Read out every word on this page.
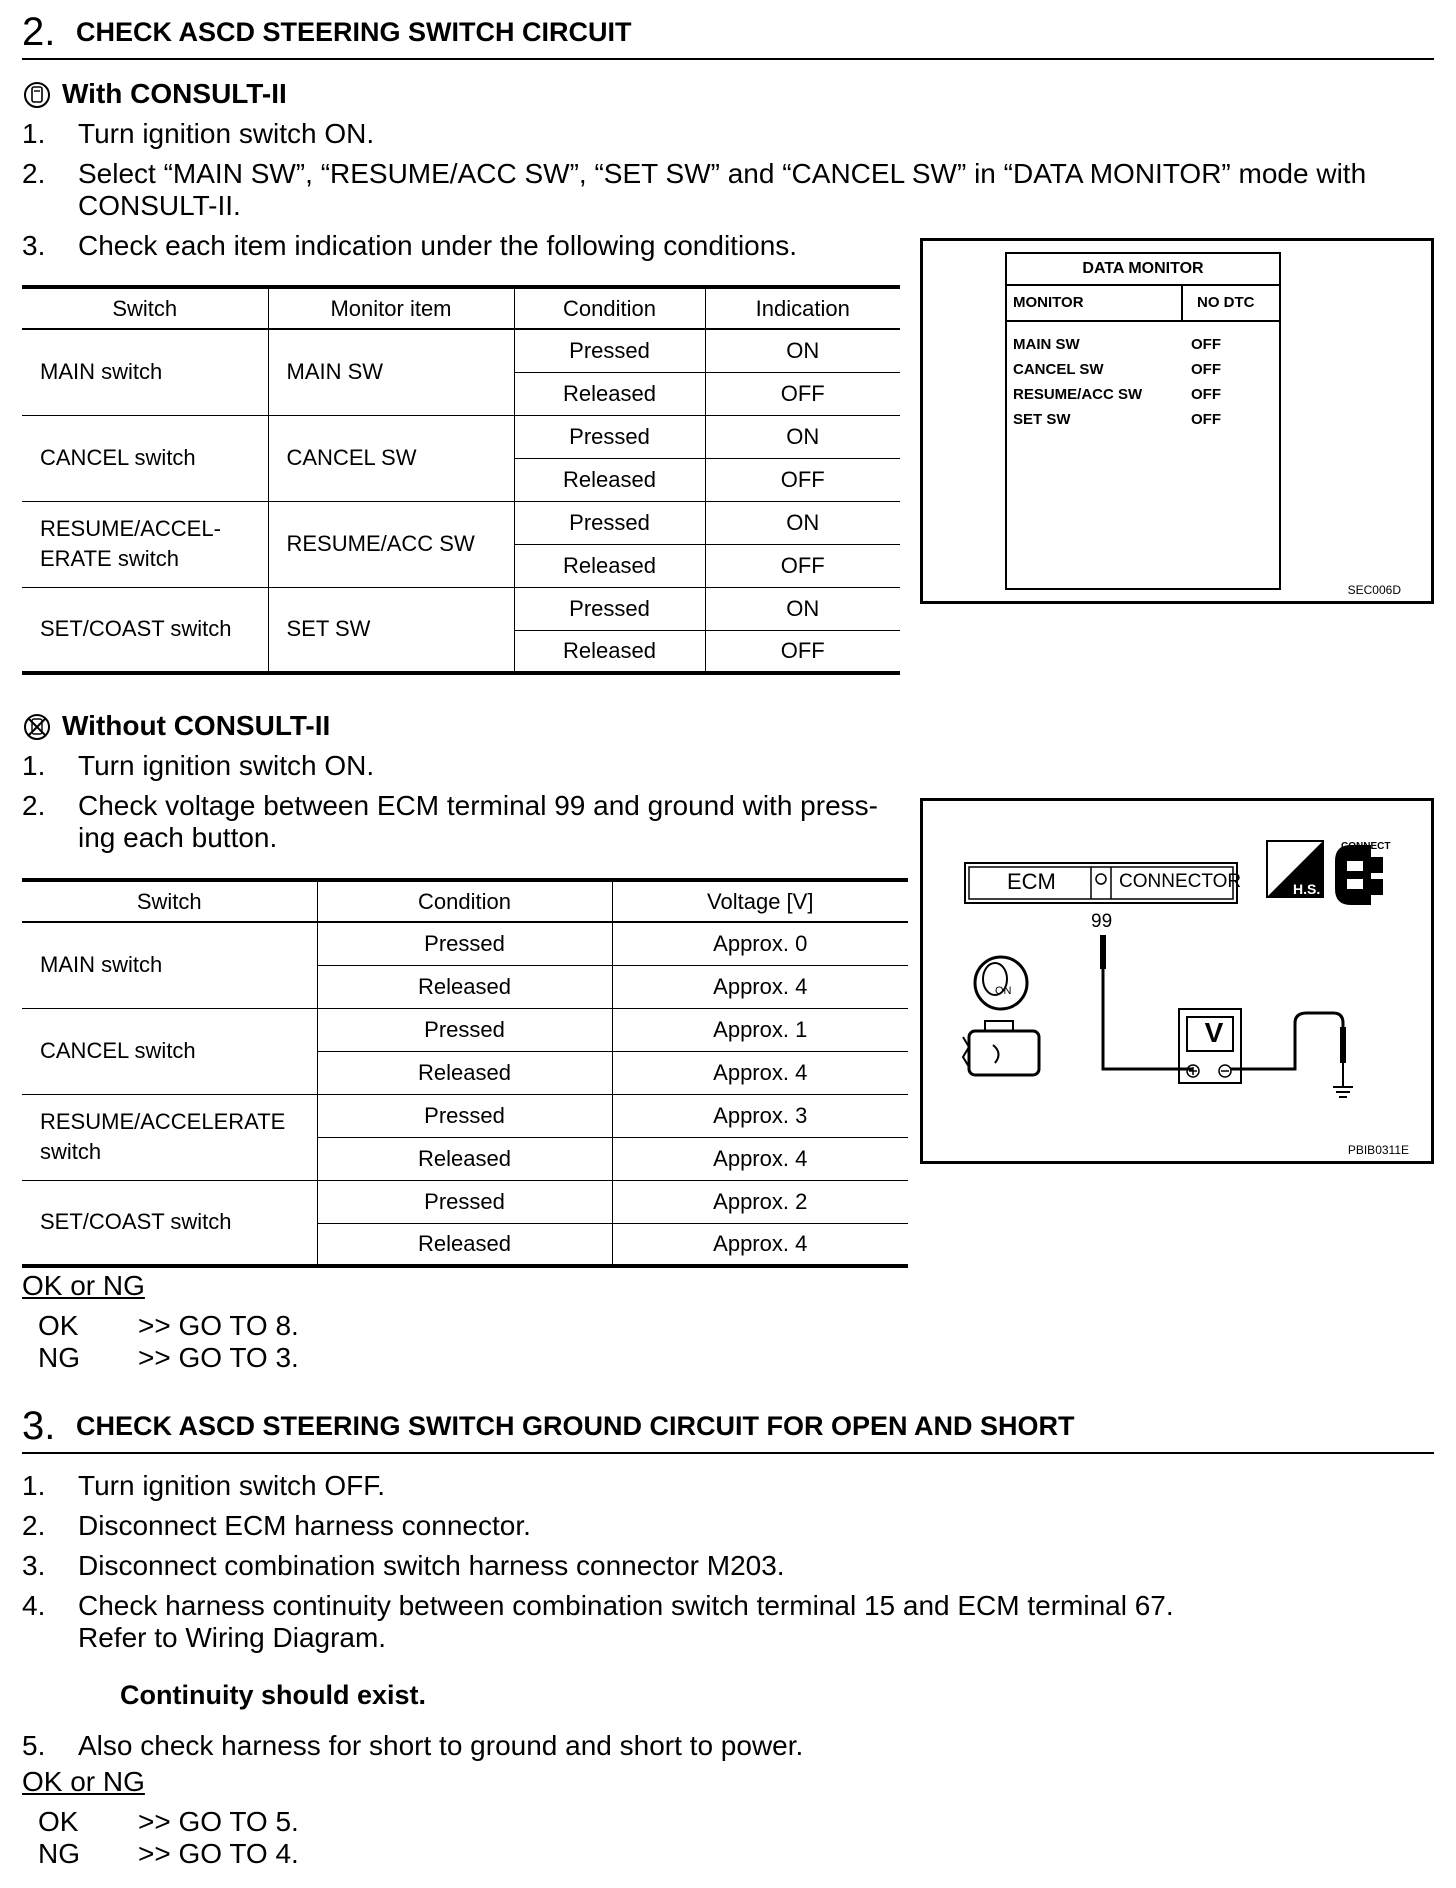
2. CHECK ASCD STEERING SWITCH CIRCUIT
With CONSULT-II
1. Turn ignition switch ON.
2. Select “MAIN SW”, “RESUME/ACC SW”, “SET SW” and “CANCEL SW” in “DATA MONITOR” mode with
CONSULT-II.
3. Check each item indication under the following conditions.
Switch	Monitor item	Condition	Indication
MAIN switch	MAIN SW	Pressed	ON
		Released	OFF
CANCEL switch	CANCEL SW	Pressed	ON
		Released	OFF

RESUME/ACCEL-
ERATE switch	RESUME/ACC SW	Pressed	ON
		Released	OFF
SET/COAST switch	SET SW	Pressed	ON
		Released	OFF
DATA MONITOR
MONITOR	NO DTC
MAIN SW	OFF
CANCEL SW	OFF
RESUME/ACC SW	OFF
SET SW	OFF
SEC006D
Without CONSULT-II
1. Turn ignition switch ON.
2. Check voltage between ECM terminal 99 and ground with press-
ing each button.
Switch	Condition	Voltage [V]
MAIN switch	Pressed	Approx. 0
	Released	Approx. 4
CANCEL switch	Pressed	Approx. 1
	Released	Approx. 4

RESUME/ACCELERATE
switch	Pressed	Approx. 3
	Released	Approx. 4
SET/COAST switch	Pressed	Approx. 2
	Released	Approx. 4
ECM	CONNECTOR
99
ON
V
H.S.
CONNECT
PBIB0311E
OK or NG
OK >> GO TO 8.
NG >> GO TO 3.
3. CHECK ASCD STEERING SWITCH GROUND CIRCUIT FOR OPEN AND SHORT
1. Turn ignition switch OFF.
2. Disconnect ECM harness connector.
3. Disconnect combination switch harness connector M203.
4. Check harness continuity between combination switch terminal 15 and ECM terminal 67.
Refer to Wiring Diagram.
Continuity should exist.
5. Also check harness for short to ground and short to power.
OK or NG
OK >> GO TO 5.
NG >> GO TO 4.
